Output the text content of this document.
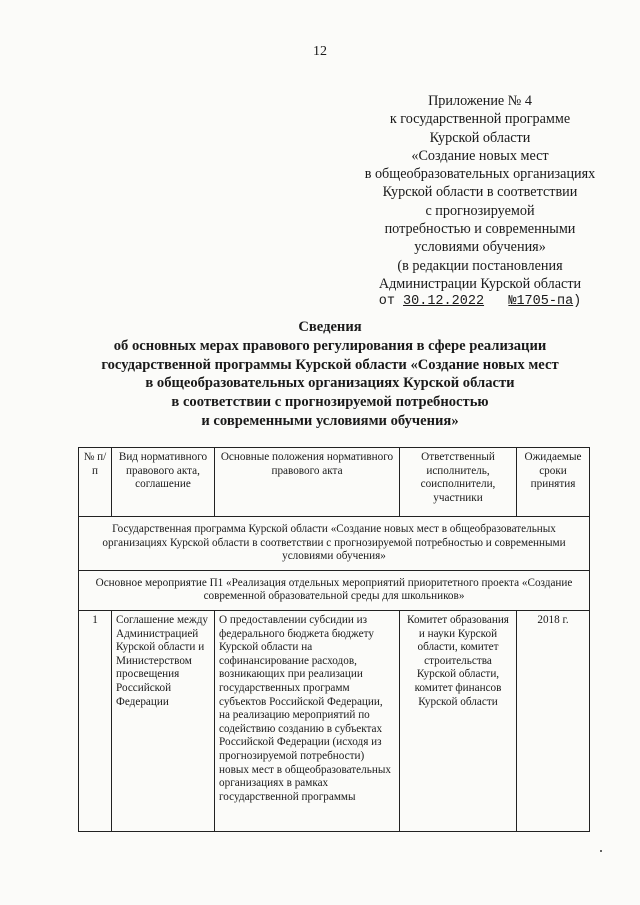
12
Приложение № 4
к государственной программе
Курской области
«Создание новых мест
в общеобразовательных организациях
Курской области в соответствии
с прогнозируемой
потребностью и современными
условиями обучения»
(в редакции постановления
Администрации Курской области
от 30.12.2022 №1705-па)
Сведения
об основных мерах правового регулирования в сфере реализации
государственной программы Курской области «Создание новых мест
в общеобразовательных организациях Курской области
в соответствии с прогнозируемой потребностью
и современными условиями обучения»
№ п/п	Вид нормативного правового акта, соглашение	Основные положения нормативного правового акта	Ответственный исполнитель, соисполнители, участники	Ожидаемые сроки принятия
Государственная программа Курской области «Создание новых мест в общеобразовательных организациях Курской области в соответствии с прогнозируемой потребностью и современными условиями обучения»				
Основное мероприятие П1 «Реализация отдельных мероприятий приоритетного проекта «Создание современной образовательной среды для школьников»				
1	Соглашение между Администрацией Курской области и Министерством просвещения Российской Федерации	О предоставлении субсидии из федерального бюджета бюджету Курской области на софинансирование расходов, возникающих при реализации государственных программ субъектов Российской Федерации, на реализацию мероприятий по содействию созданию в субъектах Российской Федерации (исходя из прогнозируемой потребности) новых мест в общеобразовательных организациях в рамках государственной программы	Комитет образования и науки Курской области, комитет строительства Курской области, комитет финансов Курской области	2018 г.
